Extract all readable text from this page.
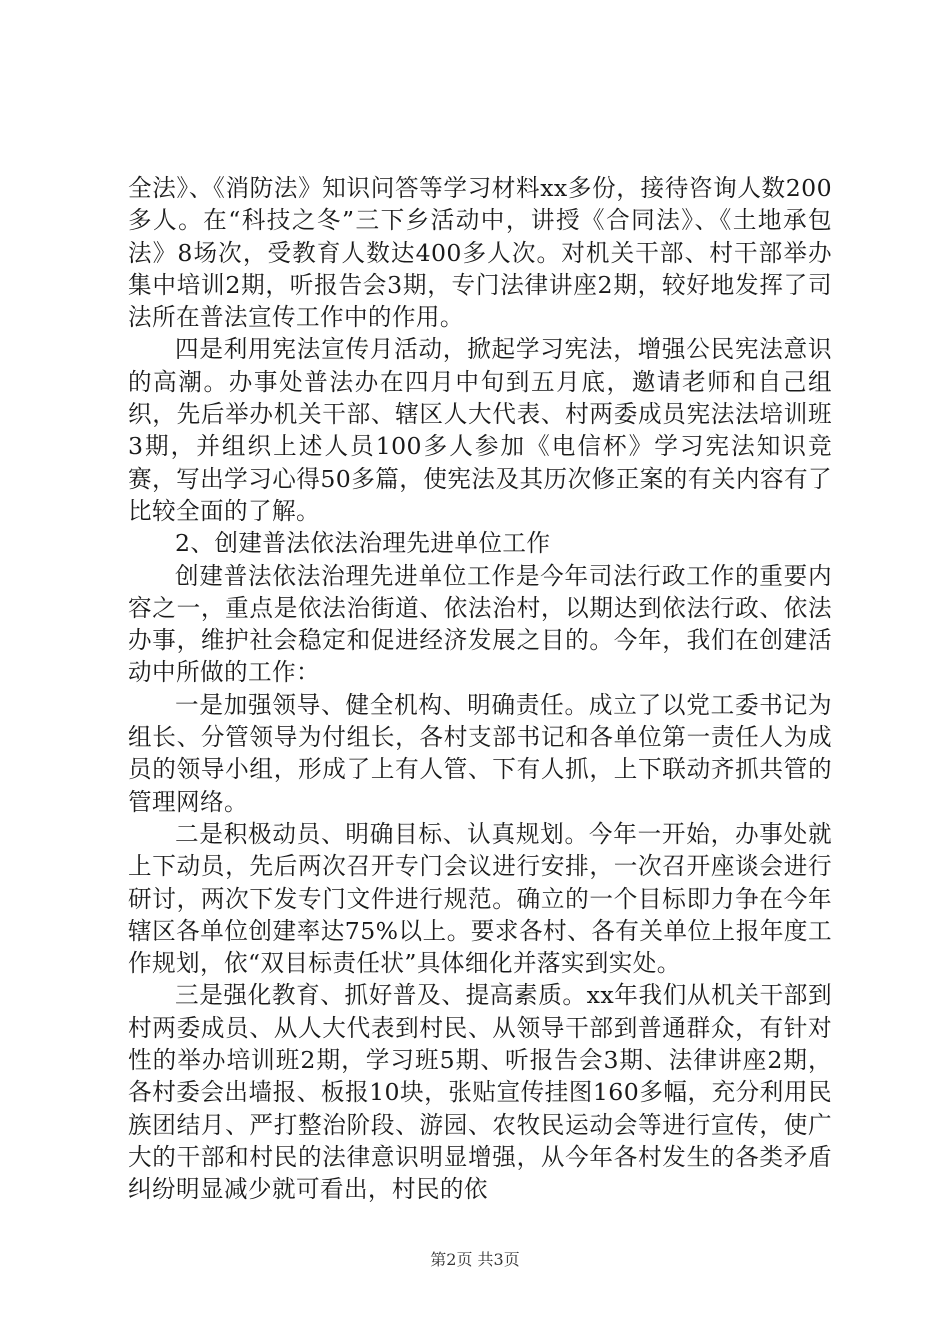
全法》、《消防法》知识问答等学习材料xx多份，接待咨询人数200多人。在“科技之冬”三下乡活动中，讲授《合同法》、《土地承包法》8场次，受教育人数达400多人次。对机关干部、村干部举办集中培训2期，听报告会3期，专门法律讲座2期，较好地发挥了司法所在普法宣传工作中的作用。

四是利用宪法宣传月活动，掀起学习宪法，增强公民宪法意识的高潮。办事处普法办在四月中旬到五月底，邀请老师和自己组织，先后举办机关干部、辖区人大代表、村两委成员宪法法培训班3期，并组织上述人员100多人参加《电信杯》学习宪法知识竞赛，写出学习心得50多篇，使宪法及其历次修正案的有关内容有了比较全面的了解。

2、创建普法依法治理先进单位工作

创建普法依法治理先进单位工作是今年司法行政工作的重要内容之一，重点是依法治街道、依法治村，以期达到依法行政、依法办事，维护社会稳定和促进经济发展之目的。今年，我们在创建活动中所做的工作：

一是加强领导、健全机构、明确责任。成立了以党工委书记为组长、分管领导为付组长，各村支部书记和各单位第一责任人为成员的领导小组，形成了上有人管、下有人抓，上下联动齐抓共管的管理网络。

二是积极动员、明确目标、认真规划。今年一开始，办事处就上下动员，先后两次召开专门会议进行安排，一次召开座谈会进行研讨，两次下发专门文件进行规范。确立的一个目标即力争在今年辖区各单位创建率达75%以上。要求各村、各有关单位上报年度工作规划，依“双目标责任状”具体细化并落实到实处。

三是强化教育、抓好普及、提高素质。xx年我们从机关干部到村两委成员、从人大代表到村民、从领导干部到普通群众，有针对性的举办培训班2期，学习班5期、听报告会3期、法律讲座2期，各村委会出墙报、板报10块，张贴宣传挂图160多幅，充分利用民族团结月、严打整治阶段、游园、农牧民运动会等进行宣传，使广大的干部和村民的法律意识明显增强，从今年各村发生的各类矛盾纠纷明显减少就可看出，村民的依

第2页 共3页
